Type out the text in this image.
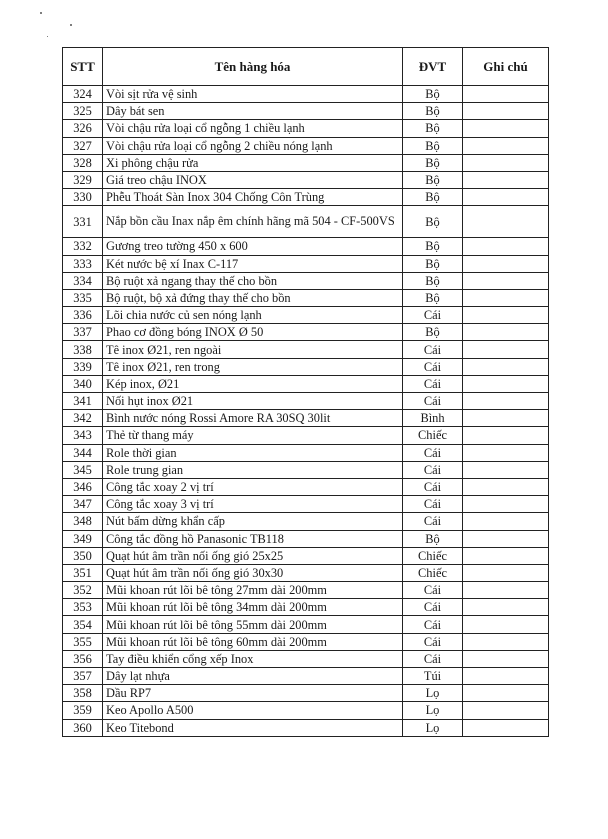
STT	Tên hàng hóa	ĐVT	Ghi chú
324	Vòi sịt rửa vệ sinh	Bộ	
325	Dây bát sen	Bộ	
326	Vòi chậu rửa loại cổ ngỗng 1 chiều lạnh	Bộ	
327	Vòi chậu rửa loại cổ ngỗng 2 chiều nóng lạnh	Bộ	
328	Xi phông chậu rửa	Bộ	
329	Giá treo chậu INOX	Bộ	
330	Phễu Thoát Sàn Inox 304 Chống Côn Trùng	Bộ	
331	Nắp bồn cầu Inax nắp êm chính hãng mã 504 - CF-500VS	Bộ	
332	Gương treo tường 450 x 600	Bộ	
333	Két nước bệ xí Inax C-117	Bộ	
334	Bộ ruột xả ngang thay thế cho bồn	Bộ	
335	Bộ ruột, bộ xả đứng thay thế cho bồn	Bộ	
336	Lõi chia nước củ sen nóng lạnh	Cái	
337	Phao cơ đồng bóng INOX Ø 50	Bộ	
338	Tê inox Ø21, ren ngoài	Cái	
339	Tê inox Ø21, ren trong	Cái	
340	Kép inox, Ø21	Cái	
341	Nối hụt inox Ø21	Cái	
342	Bình nước nóng Rossi Amore RA 30SQ 30lit	Bình	
343	Thẻ từ thang máy	Chiếc	
344	Role thời gian	Cái	
345	Role trung gian	Cái	
346	Công tắc xoay 2 vị trí	Cái	
347	Công tắc xoay 3 vị trí	Cái	
348	Nút bấm dừng khẩn cấp	Cái	
349	Công tắc đồng hồ Panasonic TB118	Bộ	
350	Quạt hút âm trần nối ống gió 25x25	Chiếc	
351	Quạt hút âm trần nối ống gió 30x30	Chiếc	
352	Mũi khoan rút lõi bê tông 27mm dài 200mm	Cái	
353	Mũi khoan rút lõi bê tông 34mm dài 200mm	Cái	
354	Mũi khoan rút lõi bê tông 55mm dài 200mm	Cái	
355	Mũi khoan rút lõi bê tông 60mm dài 200mm	Cái	
356	Tay điều khiển cổng xếp Inox	Cái	
357	Dây lạt nhựa	Túi	
358	Dầu RP7	Lọ	
359	Keo Apollo A500	Lọ	
360	Keo Titebond	Lọ	
